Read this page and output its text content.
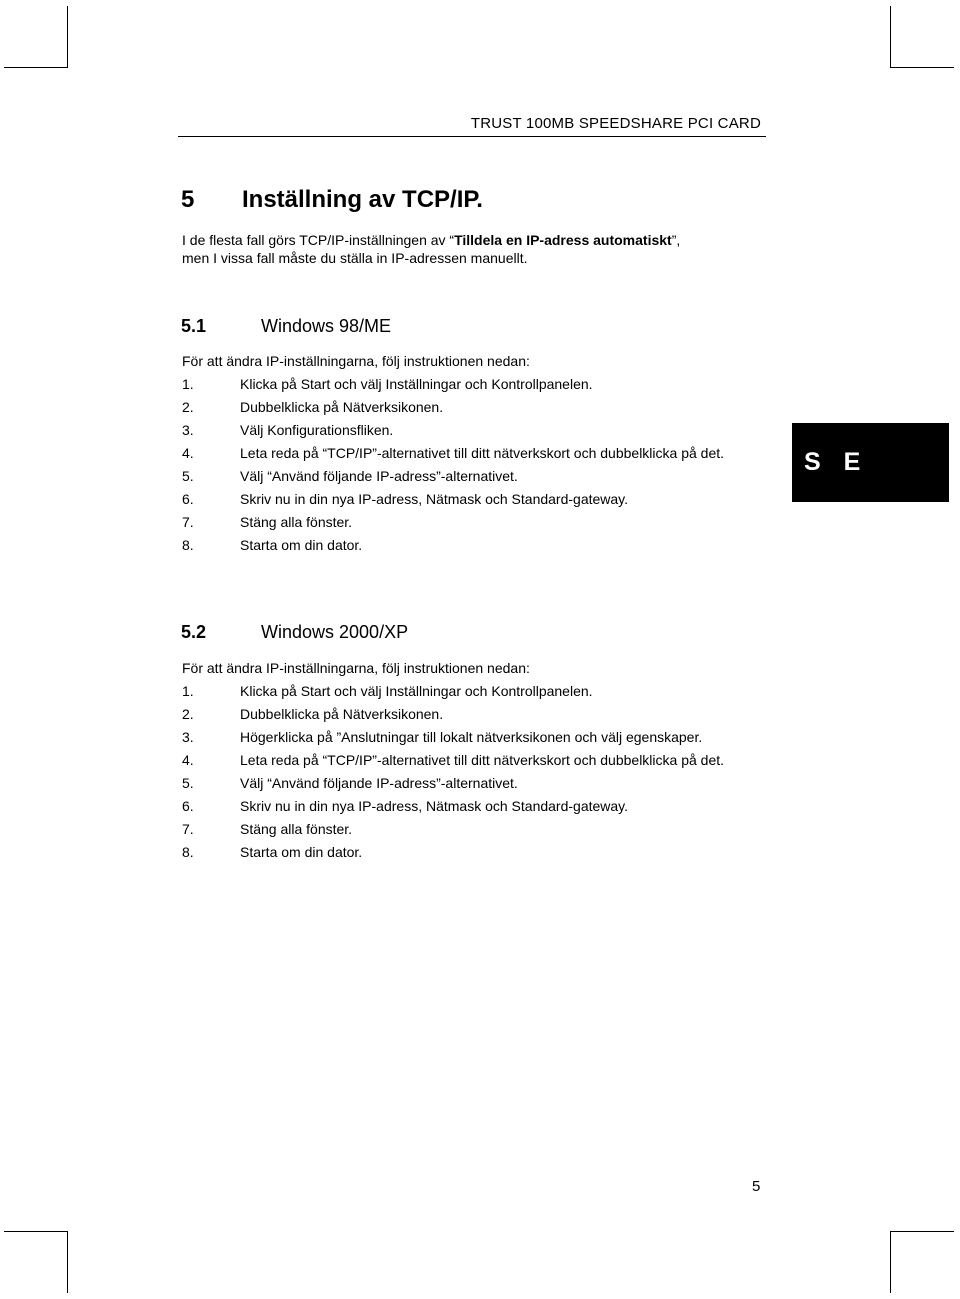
TRUST 100MB SPEEDSHARE PCI CARD
5 Inställning av TCP/IP.
I de flesta fall görs TCP/IP-inställningen av “Tilldela en IP-adress automatiskt”,
men I vissa fall måste du ställa in IP-adressen manuellt.
5.1	Windows 98/ME
För att ändra IP-inställningarna, följ instruktionen nedan:
1.	Klicka på Start och välj Inställningar och Kontrollpanelen.
2.	Dubbelklicka på Nätverksikonen.
3.	Välj Konfigurationsfliken.
4.	Leta reda på “TCP/IP”-alternativet till ditt nätverkskort och dubbelklicka på det.
5.	Välj “Använd följande IP-adress”-alternativet.
6.	Skriv nu in din nya IP-adress, Nätmask och Standard-gateway.
7.	Stäng alla fönster.
8.	Starta om din dator.
5.2	Windows 2000/XP
För att ändra IP-inställningarna, följ instruktionen nedan:
1.	Klicka på Start och välj Inställningar och Kontrollpanelen.
2.	Dubbelklicka på Nätverksikonen.
3.	Högerklicka på ”Anslutningar till lokalt nätverksikonen och välj egenskaper.
4.	Leta reda på “TCP/IP”-alternativet till ditt nätverkskort och dubbelklicka på det.
5.	Välj “Använd följande IP-adress”-alternativet.
6.	Skriv nu in din nya IP-adress, Nätmask och Standard-gateway.
7.	Stäng alla fönster.
8.	Starta om din dator.
S E
5
